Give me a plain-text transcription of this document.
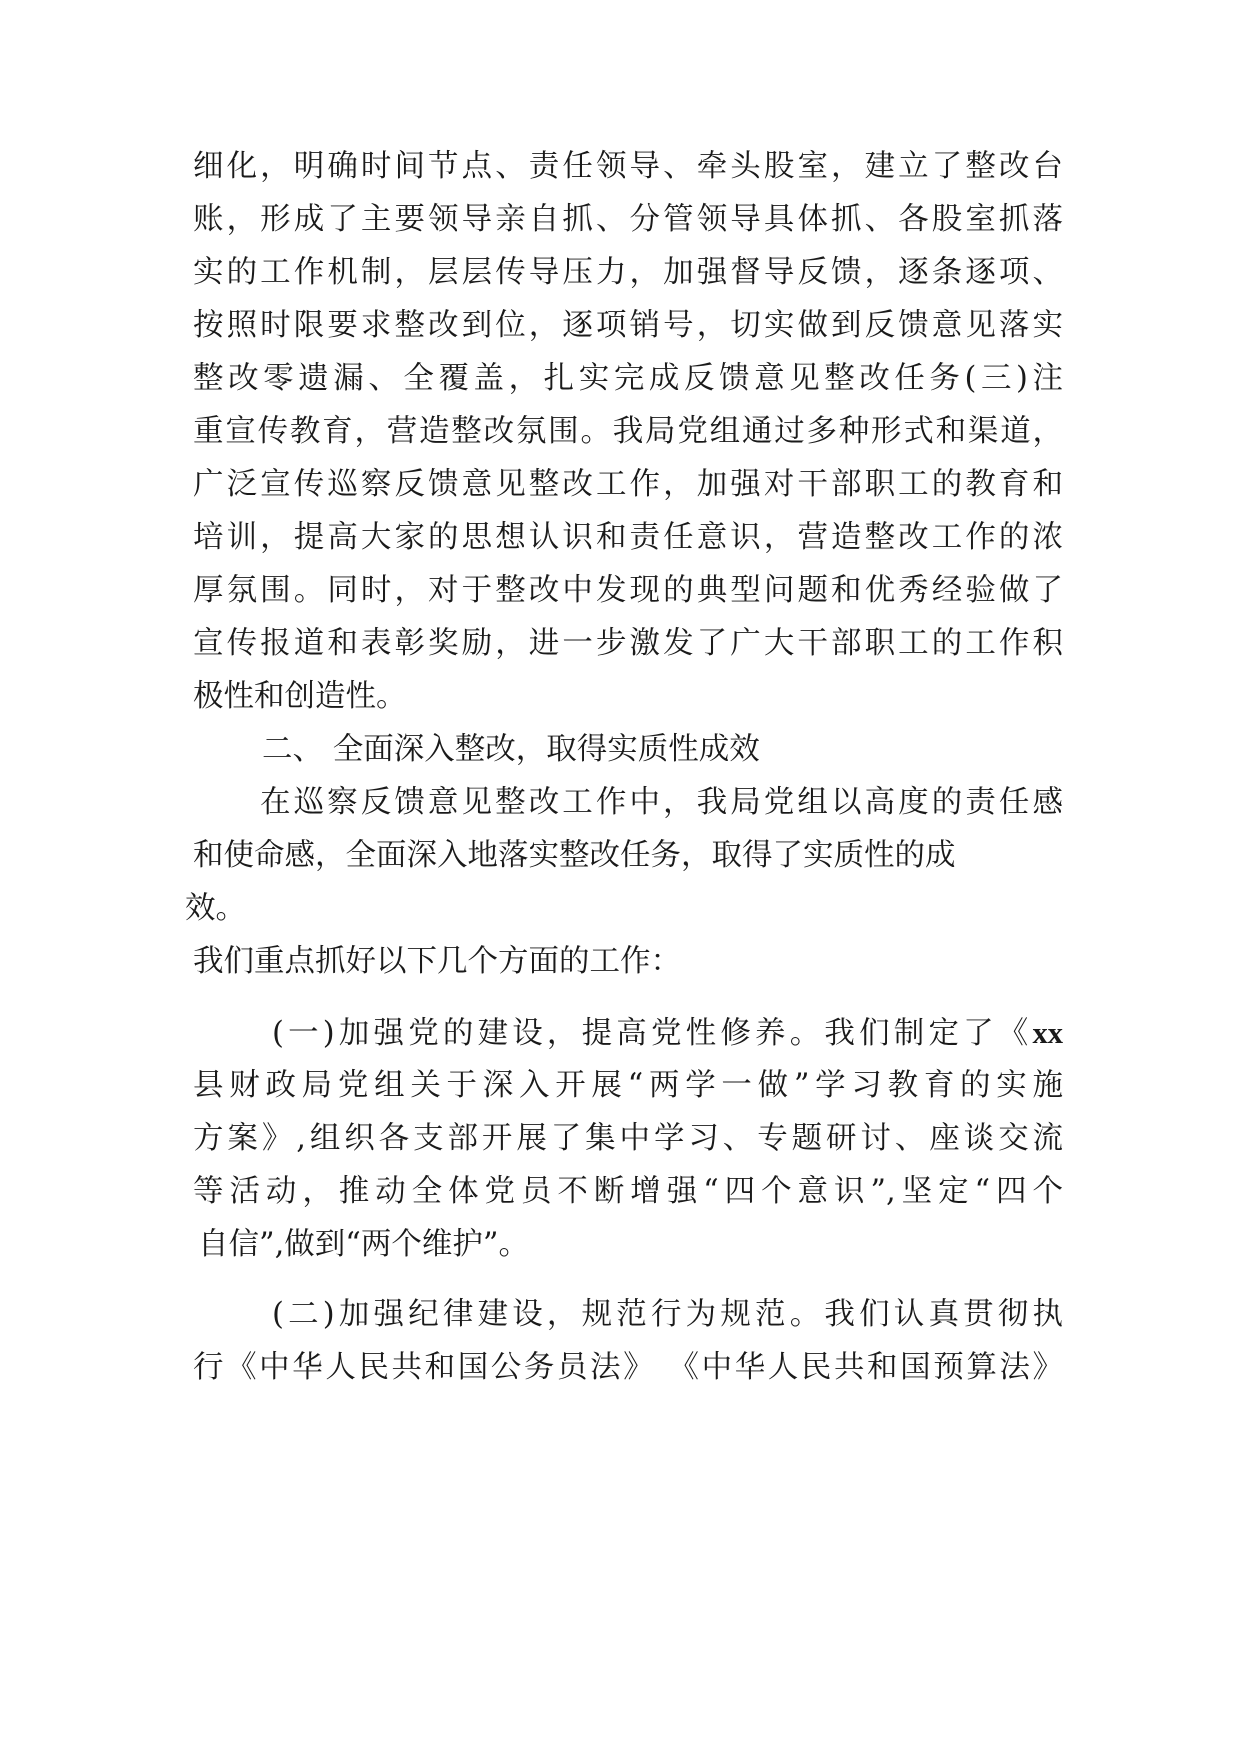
细化，明确时间节点、责任领导、牵头股室，建立了整改台
账，形成了主要领导亲自抓、分管领导具体抓、各股室抓落
实的工作机制，层层传导压力，加强督导反馈，逐条逐项、
按照时限要求整改到位，逐项销号，切实做到反馈意见落实
整改零遗漏、全覆盖，扎实完成反馈意见整改任务(三)注
重宣传教育，营造整改氛围。我局党组通过多种形式和渠道，
广泛宣传巡察反馈意见整改工作，加强对干部职工的教育和
培训，提高大家的思想认识和责任意识，营造整改工作的浓
厚氛围。同时，对于整改中发现的典型问题和优秀经验做了
宣传报道和表彰奖励，进一步激发了广大干部职工的工作积
极性和创造性。
二、 全面深入整改，取得实质性成效
在巡察反馈意见整改工作中，我局党组以高度的责任感
和使命感，全面深入地落实整改任务，取得了实质性的成
效。
我们重点抓好以下几个方面的工作：
(一)加强党的建设，提高党性修养。我们制定了《xx
县财政局党组关于深入开展“两学一做”学习教育的实施
方案》,组织各支部开展了集中学习、专题研讨、座谈交流
等活动，推动全体党员不断增强“四个意识”,坚定“四个
自信”,做到“两个维护”。
(二)加强纪律建设，规范行为规范。我们认真贯彻执
行《中华人民共和国公务员法》 《中华人民共和国预算法》
